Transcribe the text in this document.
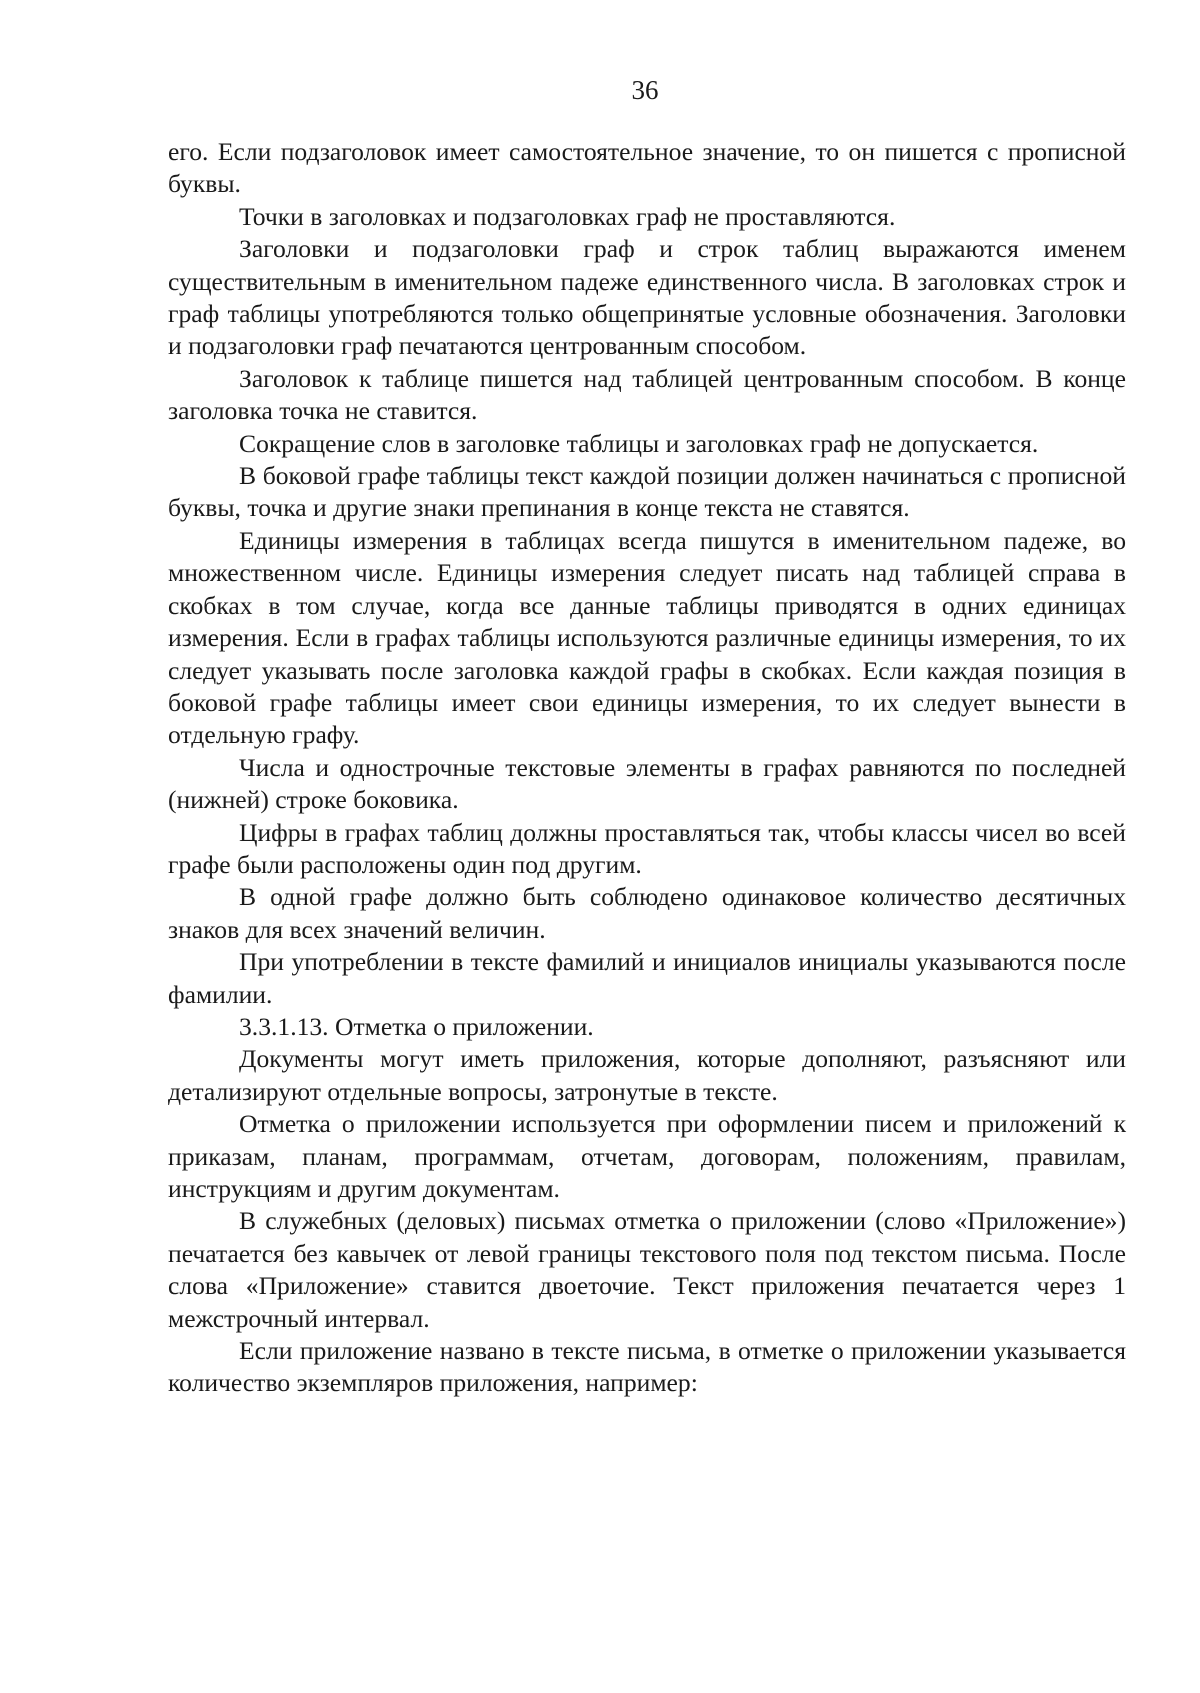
36

его. Если подзаголовок имеет самостоятельное значение, то он пишется с прописной буквы.

Точки в заголовках и подзаголовках граф не проставляются.

Заголовки и подзаголовки граф и строк таблиц выражаются именем существительным в именительном падеже единственного числа. В заголовках строк и граф таблицы употребляются только общепринятые условные обозначения. Заголовки и подзаголовки граф печатаются центрованным способом.

Заголовок к таблице пишется над таблицей центрованным способом. В конце заголовка точка не ставится.

Сокращение слов в заголовке таблицы и заголовках граф не допускается.

В боковой графе таблицы текст каждой позиции должен начинаться с прописной буквы, точка и другие знаки препинания в конце текста не ставятся.

Единицы измерения в таблицах всегда пишутся в именительном падеже, во множественном числе. Единицы измерения следует писать над таблицей справа в скобках в том случае, когда все данные таблицы приводятся в одних единицах измерения. Если в графах таблицы используются различные единицы измерения, то их следует указывать после заголовка каждой графы в скобках. Если каждая позиция в боковой графе таблицы имеет свои единицы измерения, то их следует вынести в отдельную графу.

Числа и однострочные текстовые элементы в графах равняются по последней (нижней) строке боковика.

Цифры в графах таблиц должны проставляться так, чтобы классы чисел во всей графе были расположены один под другим.

В одной графе должно быть соблюдено одинаковое количество десятичных знаков для всех значений величин.

При употреблении в тексте фамилий и инициалов инициалы указываются после фамилии.

3.3.1.13. Отметка о приложении.

Документы могут иметь приложения, которые дополняют, разъясняют или детализируют отдельные вопросы, затронутые в тексте.

Отметка о приложении используется при оформлении писем и приложений к приказам, планам, программам, отчетам, договорам, положениям, правилам, инструкциям и другим документам.

В служебных (деловых) письмах отметка о приложении (слово «Приложение») печатается без кавычек от левой границы текстового поля под текстом письма. После слова «Приложение» ставится двоеточие. Текст приложения печатается через 1 межстрочный интервал.

Если приложение названо в тексте письма, в отметке о приложении указывается количество экземпляров приложения, например:
